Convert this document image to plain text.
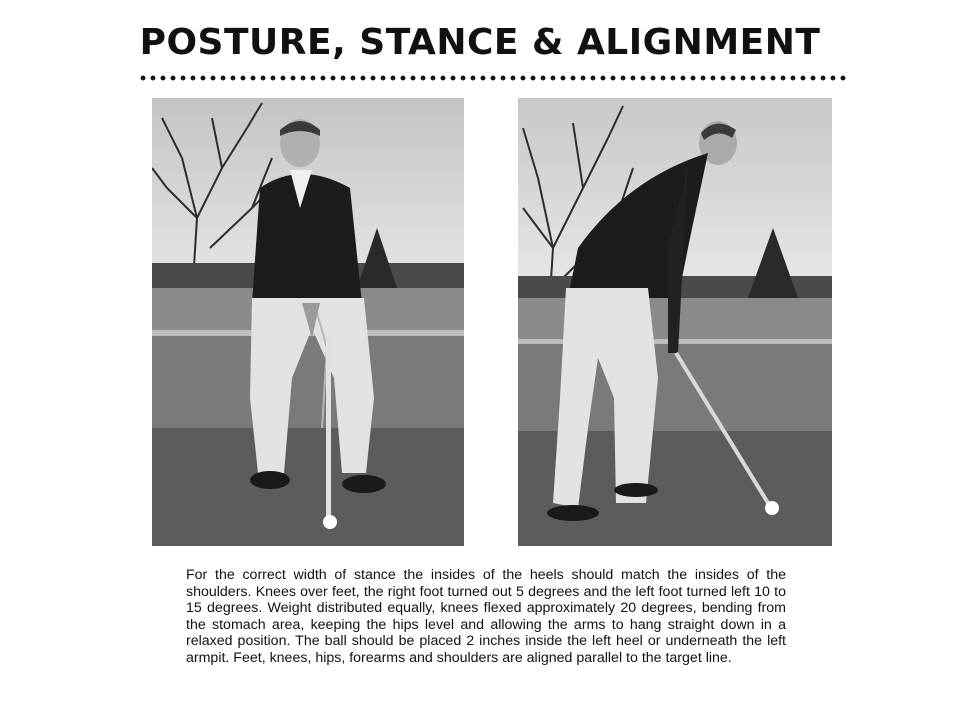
POSTURE, STANCE & ALIGNMENT
For the correct width of stance the insides of the heels should match the insides of the shoulders. Knees over feet, the right foot turned out 5 degrees and the left foot turned left 10 to 15 degrees. Weight distributed equally, knees flexed approximately 20 degrees, bending from the stomach area, keeping the hips level and allowing the arms to hang straight down in a relaxed position. The ball should be placed 2 inches inside the left heel or underneath the left armpit. Feet, knees, hips, forearms and shoulders are aligned parallel to the target line.
